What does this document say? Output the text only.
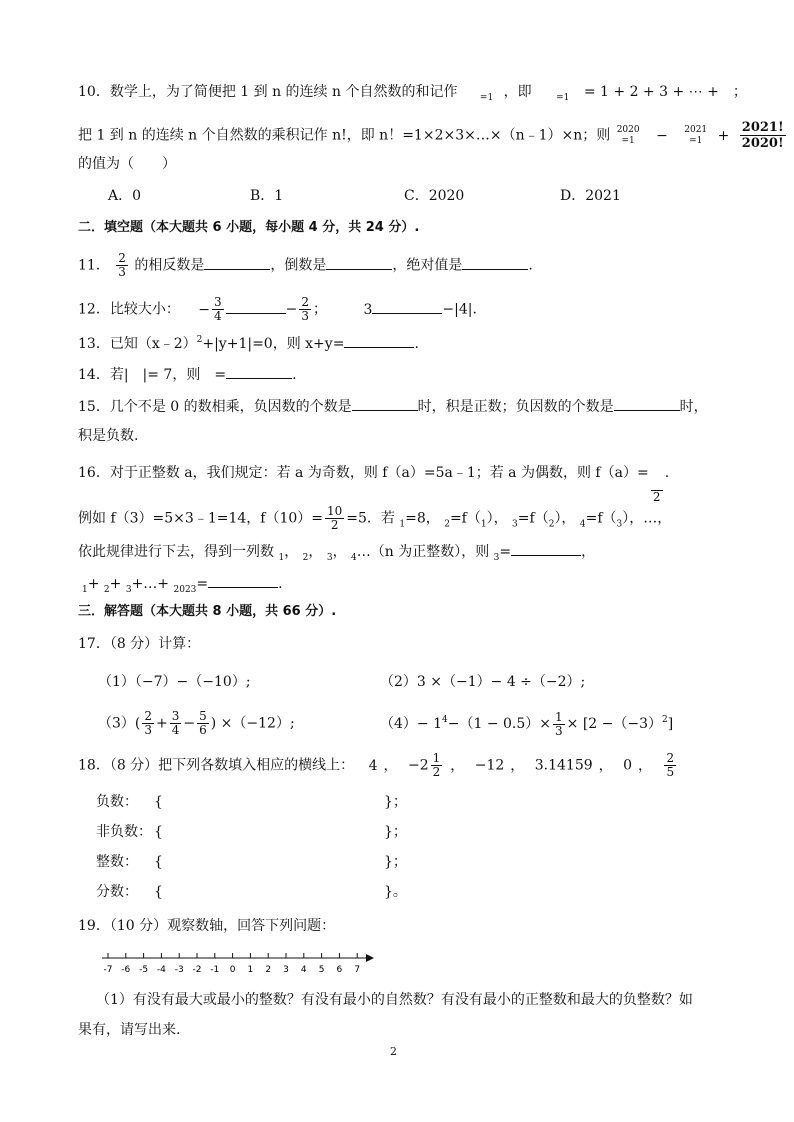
10．数学上，为了简便把 1 到 n 的连续 n 个自然数的和记作 $_{=1}$ ，即	$_{=1}$ = 1 + 2 + 3 + ⋯ +　；
把 1 到 n 的连续 n 个自然数的乘积记作 n!，即 n！=1×2×3×…×（n﹣1）×n；则 2020
=1 − 2021
$=1 + \frac{2021!}{2020!}$
的值为（　　）
A．0	B．1	C．2020	D．2021
二．填空题（本大题共 6 小题，每小题 4 分，共 24 分）.
11． $\frac{2}{3}$ 的相反数是	，倒数是	，绝对值是	.
12．比较大小： − $\frac{3}{4}$	− $\frac{2}{3}$ ；	3	−|4|.
13．已知（x﹣2）$^2$+|y+1|=0，则 x+y=	.
14．若|　|= 7，则　=	.
15．几个不是 0 的数相乘，负因数的个数是	时，积是正数；负因数的个数是	时，
积是负数.
16．对于正整数 a，我们规定：若 a 为奇数，则 f（a）=5a﹣1；若 a 为偶数，则 f（a）=

2
.
例如 f（3）=5×3﹣1=14，$f(10)= \frac{10}{2} =5$．若 $_1$=8， $_2=f(_1)$， $_3=f(_2)$， $_4=f(_3)$，…，
依此规律进行下去，得到一列数 $_1$， $_2$， $_3$， $_4$…（n 为正整数），则 $_3$=	，
$_1$+ $_2$+ $_3$+…+ $_{2023}$=	.
三．解答题（本大题共 8 小题，共 66 分）.
17．（8 分）计算：
（1）（−7）−（−10）;	（2）3 ×（−1）− 4 ÷（−2）;
$(3)( \frac{2}{3} + \frac{3}{4} - \frac{5}{6}$ ) ×（−12）;	$(4)- 1^4-(1 - 0.5)\times \frac{1}{3} \times [2 -(-3)^2]$
18．（8 分）把下列各数填入相应的横线上： 4 ， $-2 \frac{1}{2}$ ， −12 ， 3.14159 ， 0 ， $\frac{2}{5}$
负数： {	}；
非负数： {	}；
整数： {	}；
分数： {	}。
19．（10 分）观察数轴，回答下列问题：
-7 -6 -5 -4 -3 -2 -1 0 1 2 3 4 5 6 7
（1）有没有最大或最小的整数？有没有最小的自然数？有没有最小的正整数和最大的负整数？如
果有，请写出来.
2
